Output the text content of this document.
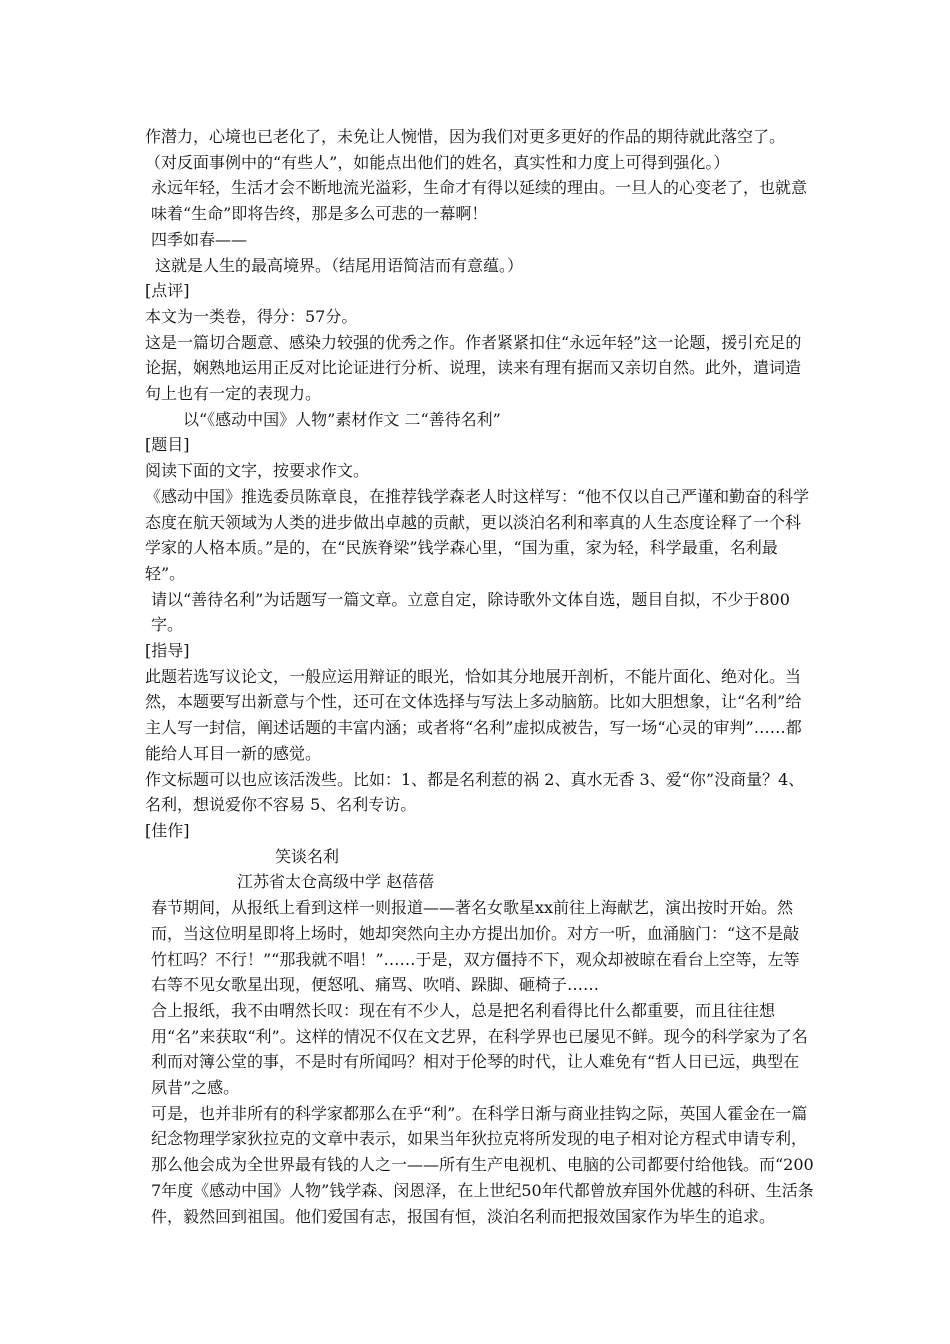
作潜力，心境也已老化了，未免让人惋惜，因为我们对更多更好的作品的期待就此落空了。

（对反面事例中的“有些人”，如能点出他们的姓名，真实性和力度上可得到强化。）

永远年轻，生活才会不断地流光溢彩，生命才有得以延续的理由。一旦人的心变老了，也就意味着“生命”即将告终，那是多么可悲的一幕啊！

四季如春——

这就是人生的最高境界。（结尾用语简洁而有意蕴。）

[点评]

本文为一类卷，得分：57分。

这是一篇切合题意、感染力较强的优秀之作。作者紧紧扣住“永远年轻”这一论题，援引充足的论据，娴熟地运用正反对比论证进行分析、说理，读来有理有据而又亲切自然。此外，遣词造句上也有一定的表现力。

以“《感动中国》人物”素材作文 二“善待名利”

[题目]

阅读下面的文字，按要求作文。

《感动中国》推选委员陈章良，在推荐钱学森老人时这样写：“他不仅以自己严谨和勤奋的科学态度在航天领域为人类的进步做出卓越的贡献，更以淡泊名利和率真的人生态度诠释了一个科学家的人格本质。”是的，在“民族脊梁”钱学森心里，“国为重，家为轻，科学最重，名利最轻”。

请以“善待名利”为话题写一篇文章。立意自定，除诗歌外文体自选，题目自拟，不少于800字。

[指导]

此题若选写议论文，一般应运用辩证的眼光，恰如其分地展开剖析，不能片面化、绝对化。当然，本题要写出新意与个性，还可在文体选择与写法上多动脑筋。比如大胆想象，让“名利”给主人写一封信，阐述话题的丰富内涵；或者将“名利”虚拟成被告，写一场“心灵的审判”……都能给人耳目一新的感觉。

作文标题可以也应该活泼些。比如：1、都是名利惹的祸 2、真水无香 3、爱“你”没商量？4、名利，想说爱你不容易 5、名利专访。

[佳作]

笑谈名利

江苏省太仓高级中学 赵蓓蓓

春节期间，从报纸上看到这样一则报道——著名女歌星xx前往上海献艺，演出按时开始。然而，当这位明星即将上场时，她却突然向主办方提出加价。对方一听，血涌脑门：“这不是敲竹杠吗？不行！”“那我就不唱！”……于是，双方僵持不下，观众却被晾在看台上空等，左等右等不见女歌星出现，便怒吼、痛骂、吹哨、跺脚、砸椅子……

合上报纸，我不由喟然长叹：现在有不少人，总是把名利看得比什么都重要，而且往往想用“名”来获取“利”。这样的情况不仅在文艺界，在科学界也已屡见不鲜。现今的科学家为了名利而对簿公堂的事，不是时有所闻吗？相对于伦琴的时代，让人难免有“哲人日已远，典型在夙昔”之感。

可是，也并非所有的科学家都那么在乎“利”。在科学日渐与商业挂钩之际，英国人霍金在一篇纪念物理学家狄拉克的文章中表示，如果当年狄拉克将所发现的电子相对论方程式申请专利，那么他会成为全世界最有钱的人之一——所有生产电视机、电脑的公司都要付给他钱。而“2007年度《感动中国》人物”钱学森、闵恩泽，在上世纪50年代都曾放弃国外优越的科研、生活条件，毅然回到祖国。他们爱国有志，报国有恒，淡泊名利而把报效国家作为毕生的追求。
